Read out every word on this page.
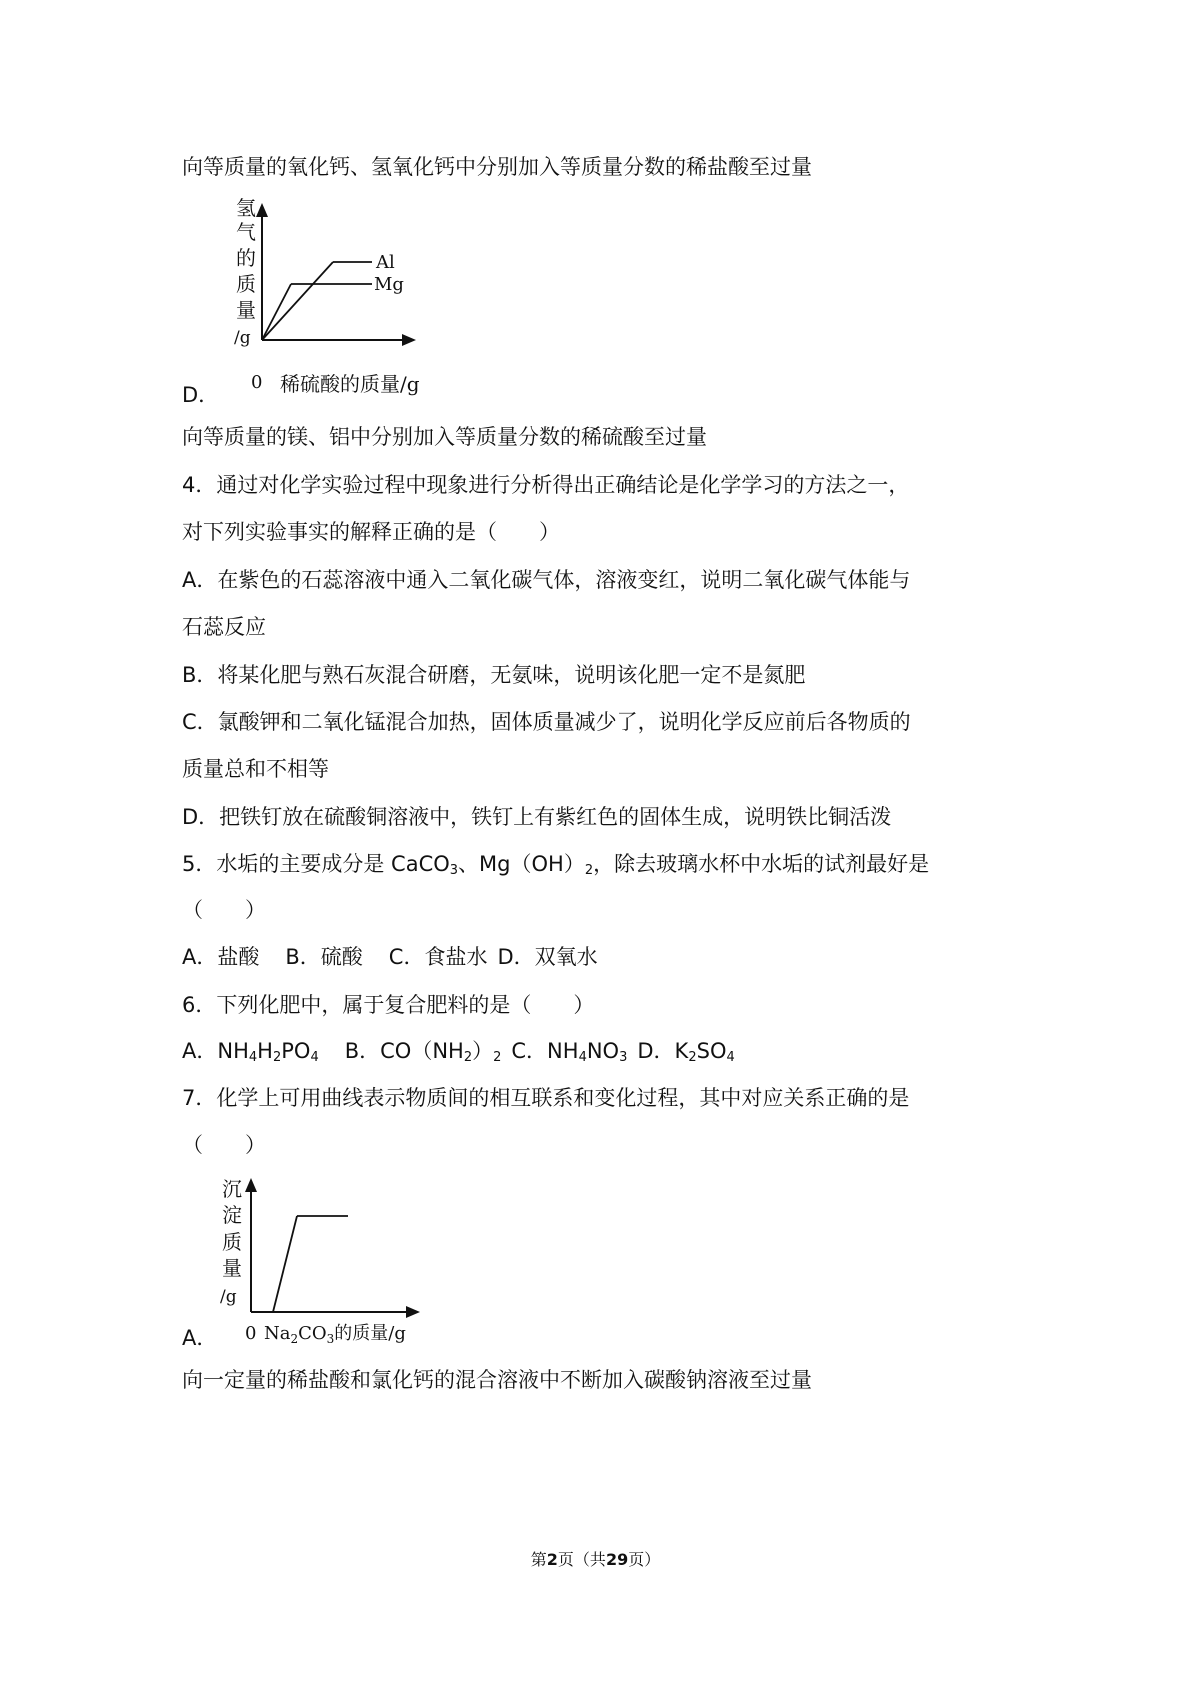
向等质量的氧化钙、氢氧化钙中分别加入等质量分数的稀盐酸至过量
氢
气
的
质
量
/g
Al
Mg
0 稀硫酸的质量/g
D．
向等质量的镁、铝中分别加入等质量分数的稀硫酸至过量
4．通过对化学实验过程中现象进行分析得出正确结论是化学学习的方法之一，
对下列实验事实的解释正确的是（　　）
A．在紫色的石蕊溶液中通入二氧化碳气体，溶液变红，说明二氧化碳气体能与
石蕊反应
B．将某化肥与熟石灰混合研磨，无氨味，说明该化肥一定不是氮肥
C．氯酸钾和二氧化锰混合加热，固体质量减少了，说明化学反应前后各物质的
质量总和不相等
D．把铁钉放在硫酸铜溶液中，铁钉上有紫红色的固体生成，说明铁比铜活泼
5．水垢的主要成分是 CaCO$_3$、$Mg(OH)_2$，除去玻璃水杯中水垢的试剂最好是
（　　）
A．盐酸 B．硫酸 C．食盐水 D．双氧水
6．下列化肥中，属于复合肥料的是（　　）
A．$NH_4H_2PO_4$ B．$CO(NH_2)_2$ C．$NH_4NO_3$ D．$K_2SO_4$
7．化学上可用曲线表示物质间的相互联系和变化过程，其中对应关系正确的是
（　　）
沉
淀
质
量
/g
0 $Na_2CO_3$的质量/g
A．
向一定量的稀盐酸和氯化钙的混合溶液中不断加入碳酸钠溶液至过量
第2页（共29页）
